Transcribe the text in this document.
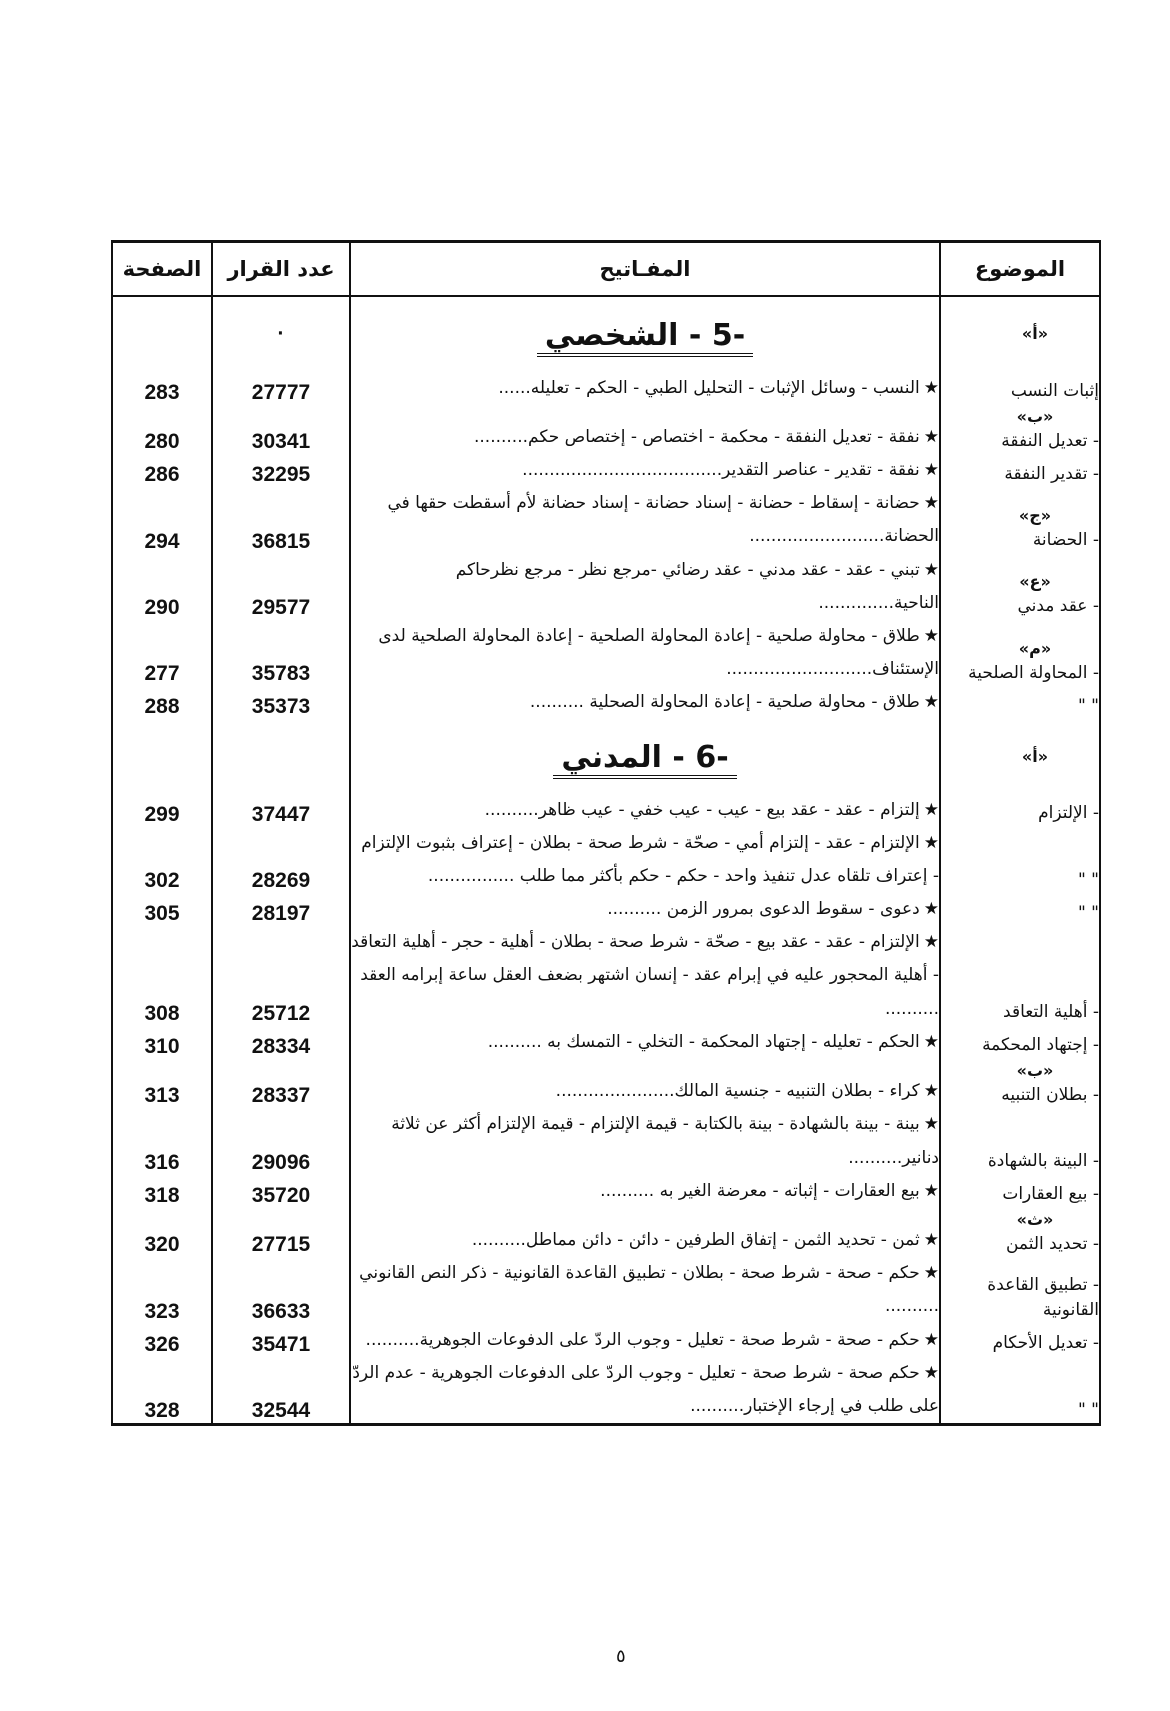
الموضوع	المفـاتيح	عدد القرار	الصفحة

«أ»	-5 - الشخصي	·	
إثبات النسب	★النسب - وسائل الإثبات - التحليل الطبي - الحكم - تعليله......	27777	283

«ب»
- تعديل النفقة	★نفقة - تعديل النفقة - محكمة - اختصاص - إختصاص حكم..........	30341	280
- تقدير النفقة	★نفقة - تقدير - عناصر التقدير.....................................	32295	286

«ج»
- الحضانة	★حضانة - إسقاط - حضانة - إسناد حضانة - إسناد حضانة لأم أسقطت حقها في الحضانة.........................	36815	294

«ع»
- عقد مدني	★تبني - عقد - عقد مدني - عقد رضائي -مرجع نظر - مرجع نظرحاكم الناحية..............	29577	290

«م»
- المحاولة الصلحية	★طلاق - محاولة صلحية - إعادة المحاولة الصلحية - إعادة المحاولة الصلحية لدى الإستئناف...........................	35783	277
" "	★طلاق - محاولة صلحية - إعادة المحاولة الصحلية ..........	35373	288

«أ»	-6 - المدني		
- الإلتزام	★إلتزام - عقد - عقد بيع - عيب - عيب خفي - عيب ظاهر..........	37447	299
" "	★الإلتزام - عقد - إلتزام أمي - صحّة - شرط صحة - بطلان - إعتراف بثبوت الإلتزام - إعتراف تلقاه عدل تنفيذ واحد - حكم - حكم بأكثر مما طلب ................	28269	302
" "	★دعوى - سقوط الدعوى بمرور الزمن ..........	28197	305
- أهلية التعاقد	★الإلتزام - عقد - عقد بيع - صحّة - شرط صحة - بطلان - أهلية - حجر - أهلية التعاقد - أهلية المحجور عليه في إبرام عقد - إنسان اشتهر بضعف العقل ساعة إبرامه العقد ..........	25712	308
- إجتهاد المحكمة	★الحكم - تعليله - إجتهاد المحكمة - التخلي - التمسك به ..........	28334	310

«ب»
- بطلان التنبيه	★كراء - بطلان التنبيه - جنسية المالك......................	28337	313
- البينة بالشهادة	★بينة - بينة بالشهادة - بينة بالكتابة - قيمة الإلتزام - قيمة الإلتزام أكثر عن ثلاثة دنانير..........	29096	316
- بيع العقارات	★بيع العقارات - إثباته - معرضة الغير به ..........	35720	318

«ث»
- تحديد الثمن	★ثمن - تحديد الثمن - إتفاق الطرفين - دائن - دائن مماطل..........	27715	320
- تطبيق القاعدة القانونية	★حكم - صحة - شرط صحة - بطلان - تطبيق القاعدة القانونية - ذكر النص القانوني ..........	36633	323
- تعديل الأحكام	★حكم - صحة - شرط صحة - تعليل - وجوب الردّ على الدفوعات الجوهرية..........	35471	326
" "	★حكم صحة - شرط صحة - تعليل - وجوب الردّ على الدفوعات الجوهرية - عدم الردّ على طلب في إرجاء الإختبار..........	32544	328
٥
